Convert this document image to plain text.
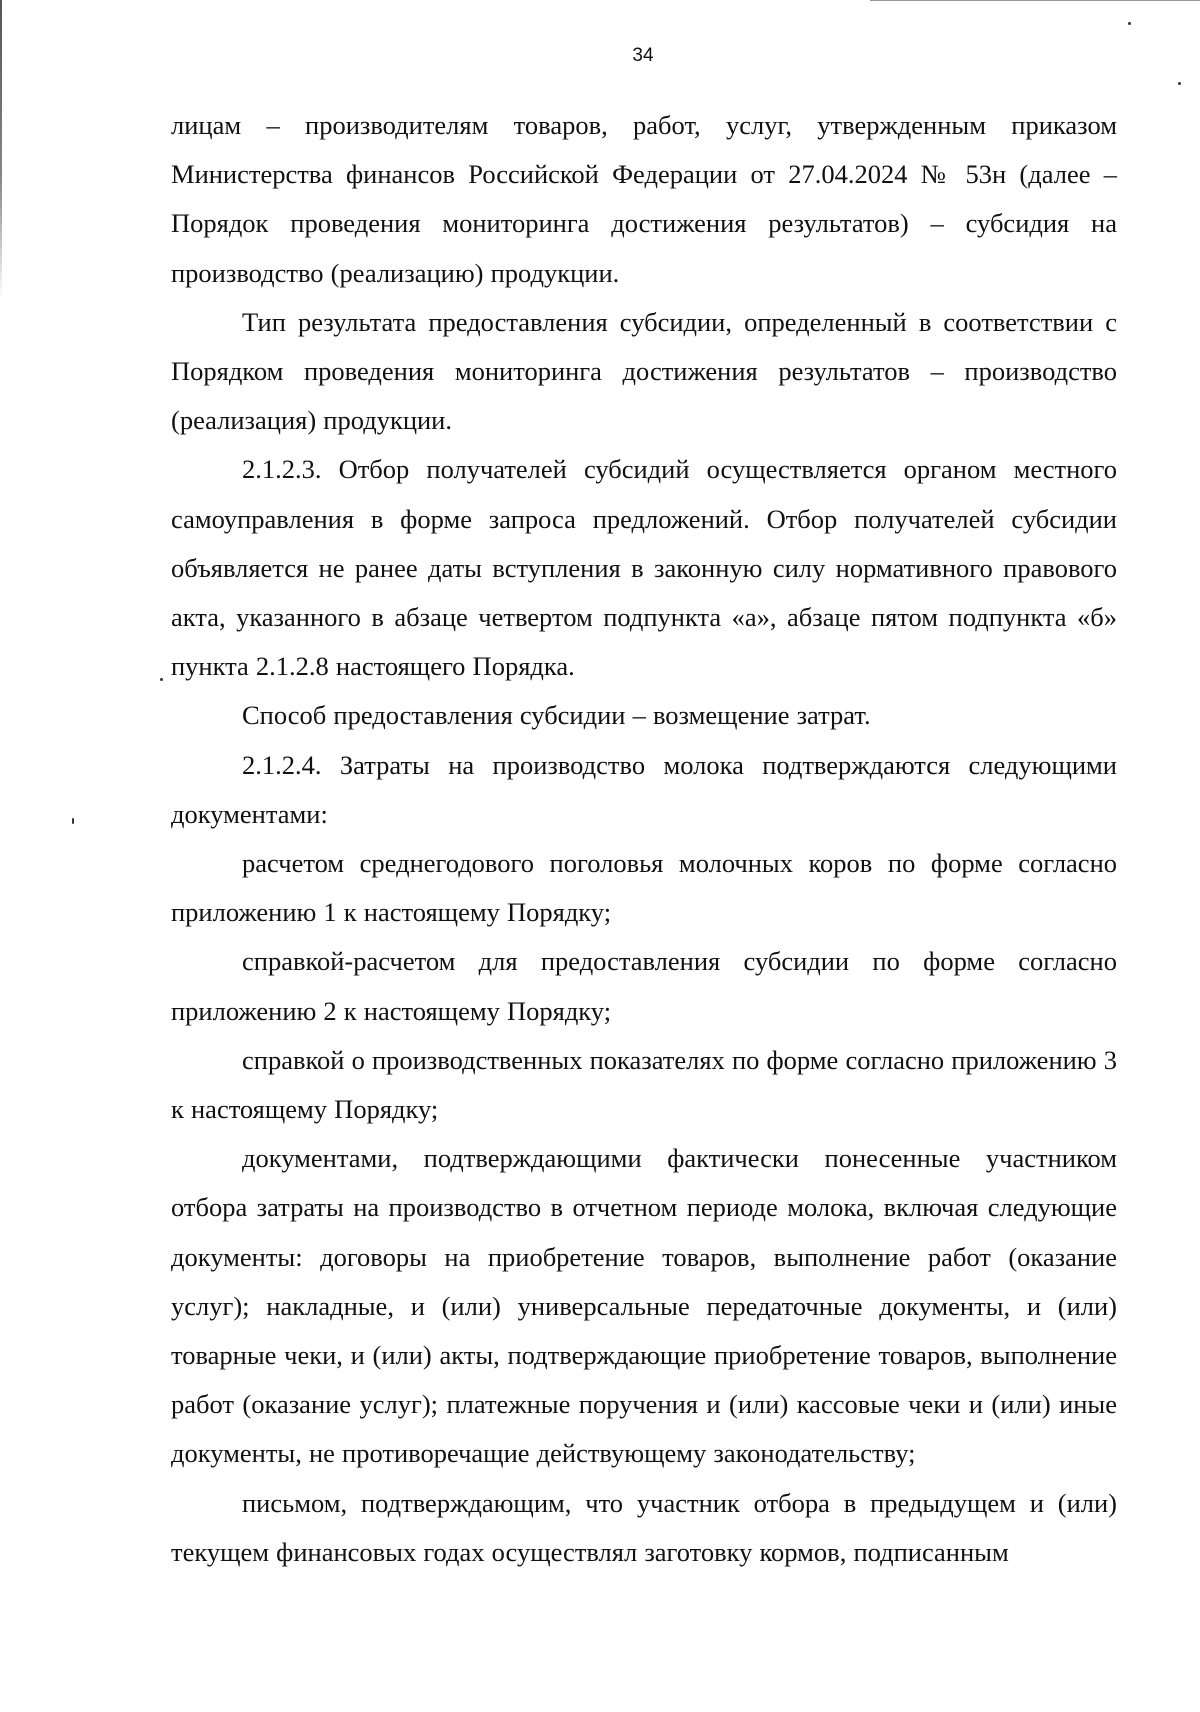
34

лицам – производителям товаров, работ, услуг, утвержденным приказом Министерства финансов Российской Федерации от 27.04.2024 № 53н (далее – Порядок проведения мониторинга достижения результатов) – субсидия на производство (реализацию) продукции.

Тип результата предоставления субсидии, определенный в соответствии с Порядком проведения мониторинга достижения результатов – производство (реализация) продукции.

2.1.2.3. Отбор получателей субсидий осуществляется органом местного самоуправления в форме запроса предложений. Отбор получателей субсидии объявляется не ранее даты вступления в законную силу нормативного правового акта, указанного в абзаце четвертом подпункта «а», абзаце пятом подпункта «б» пункта 2.1.2.8 настоящего Порядка.

Способ предоставления субсидии – возмещение затрат.

2.1.2.4. Затраты на производство молока подтверждаются следующими документами:

расчетом среднегодового поголовья молочных коров по форме согласно приложению 1 к настоящему Порядку;

справкой-расчетом для предоставления субсидии по форме согласно приложению 2 к настоящему Порядку;

справкой о производственных показателях по форме согласно приложению 3 к настоящему Порядку;

документами, подтверждающими фактически понесенные участником отбора затраты на производство в отчетном периоде молока, включая следующие документы: договоры на приобретение товаров, выполнение работ (оказание услуг); накладные, и (или) универсальные передаточные документы, и (или) товарные чеки, и (или) акты, подтверждающие приобретение товаров, выполнение работ (оказание услуг); платежные поручения и (или) кассовые чеки и (или) иные документы, не противоречащие действующему законодательству;

письмом, подтверждающим, что участник отбора в предыдущем и (или) текущем финансовых годах осуществлял заготовку кормов, подписанным
